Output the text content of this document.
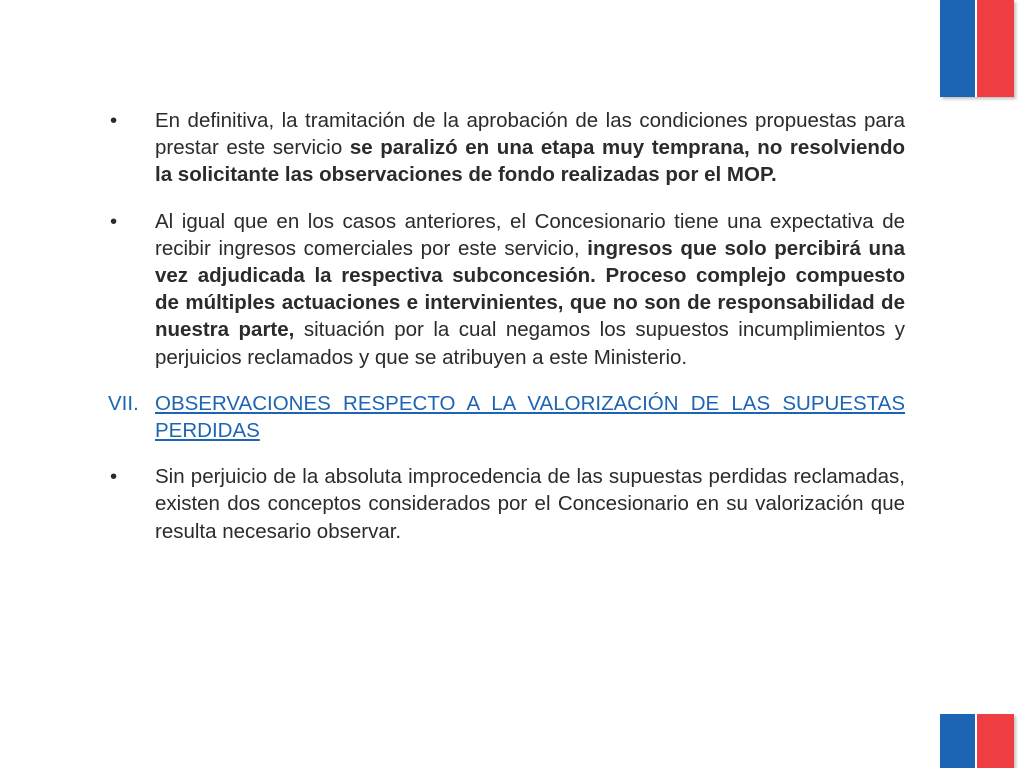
•	En definitiva, la tramitación de la aprobación de las condiciones propuestas para prestar este servicio se paralizó en una etapa muy temprana, no resolviendo la solicitante las observaciones de fondo realizadas por el MOP.
•	Al igual que en los casos anteriores, el Concesionario tiene una expectativa de recibir ingresos comerciales por este servicio, ingresos que solo percibirá una vez adjudicada la respectiva subconcesión. Proceso complejo compuesto de múltiples actuaciones e intervinientes, que no son de responsabilidad de nuestra parte, situación por la cual negamos los supuestos incumplimientos y perjuicios reclamados y que se atribuyen a este Ministerio.
VII. OBSERVACIONES RESPECTO A LA VALORIZACIÓN DE LAS SUPUESTAS PERDIDAS
•	Sin perjuicio de la absoluta improcedencia de las supuestas perdidas reclamadas, existen dos conceptos considerados por el Concesionario en su valorización que resulta necesario observar.
